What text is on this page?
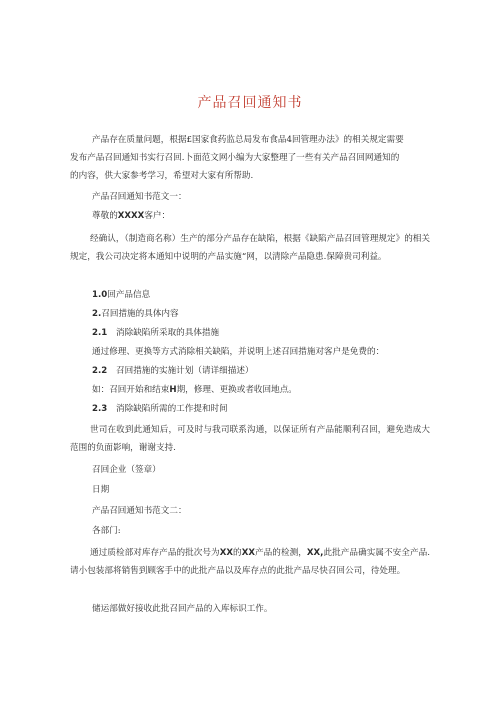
产品召回通知书
产品存在质量问题，根据£国家食药监总局发布食品4回管理办法》的相关规定需要
发布产品召回通知书实行召回.卜面范文网小编为大家整理了一些有关产品召回网通知的
的内容，供大家参考学习，希望对大家有所帮助.
产品召回通知书范文一：
尊敬的XXXX客户：

经确认，（制造商名称）生产的部分产品存在缺陷，根据《缺陷产品召回管理规定》的相关规定，我公司决定将本通知中说明的产品实施“网，以清除产品隐患.保障贵司利益。

1.0回产品信息
2.召回措施的具体内容
2.1 消除缺陷所采取的具体措施
通过修理、更换等方式消除相关缺陷，并说明上述召回措施对客户是免费的：
2.2 召回措施的实施计划（请详细描述）
如：召回开始和结束H期，修理、更换或者收回地点。
2.3 消除缺陷所需的工作提和时间

世司在收到此通知后，可及时与我司联系沟通，以保证所有产品能顺利召回，避免造成大范围的负面影响，谢谢支持.

召回企业（签章）
日期
产品召回通知书范文二：
各部门:

通过质检部对库存产品的批次号为XX的XX产品的检测，XX,此批产品确实属不安全产品.请小包装部将销售到顾客手中的此批产品以及库存点的此批产品尽快召回公司，待处理。

储运部做好接收此批召回产品的入库标识工作。
